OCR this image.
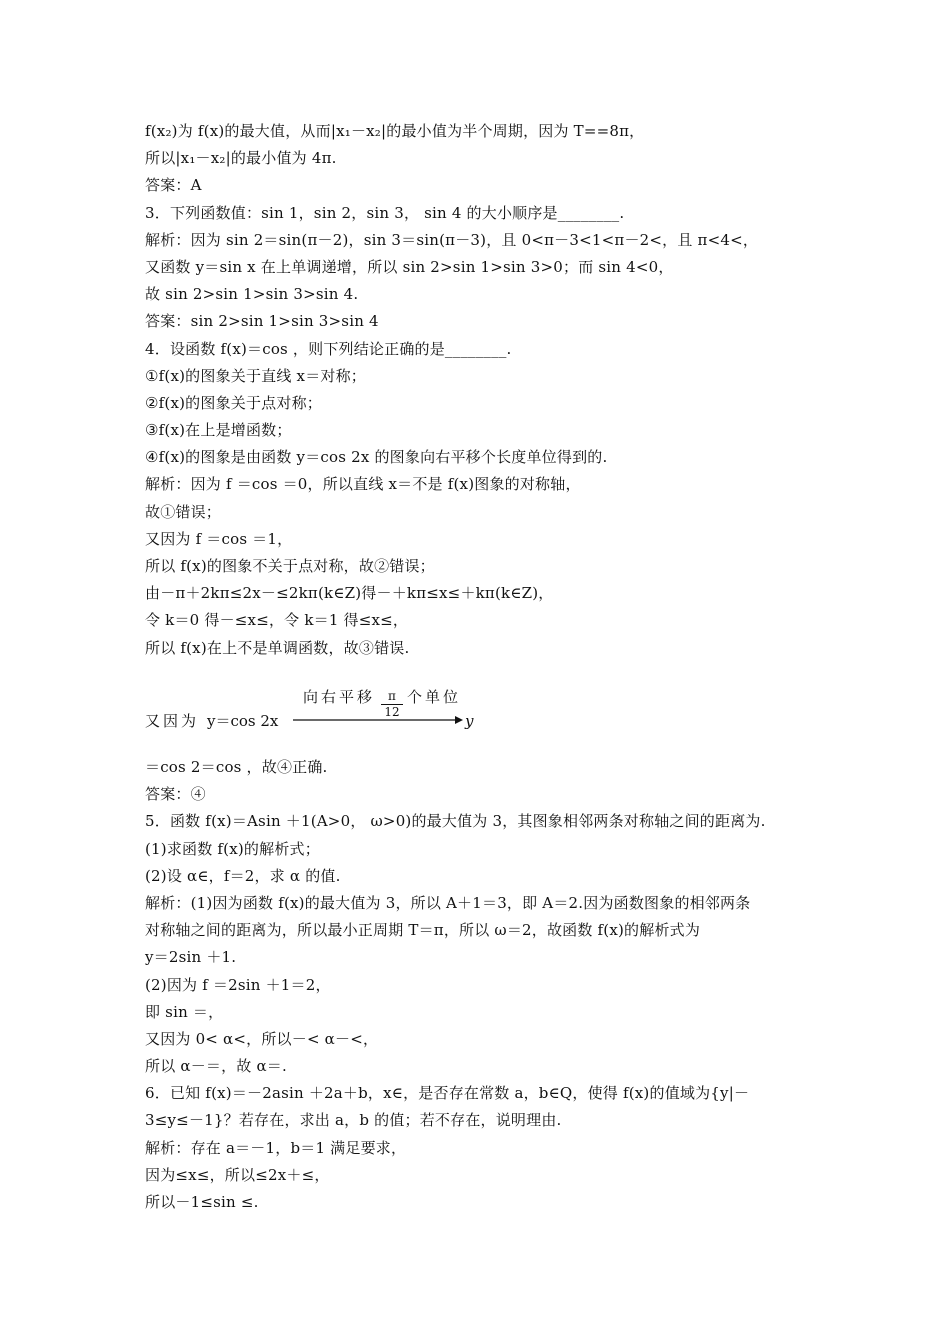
f(x₂)为 f(x)的最大值，从而|x₁－x₂|的最小值为半个周期，因为 T==8π，
所以|x₁－x₂|的最小值为 4π.
答案：A
3．下列函数值：sin 1，sin 2，sin 3， sin 4 的大小顺序是________.
解析：因为 sin 2＝sin(π－2)，sin 3＝sin(π－3)，且 0<π－3<1<π－2<，且 π<4<，
又函数 y＝sin x 在上单调递增，所以 sin 2>sin 1>sin 3>0；而 sin 4<0，
故 sin 2>sin 1>sin 3>sin 4.
答案：sin 2>sin 1>sin 3>sin 4
4．设函数 f(x)＝cos ，则下列结论正确的是________.
①f(x)的图象关于直线 x＝对称；
②f(x)的图象关于点对称；
③f(x)在上是增函数；
④f(x)的图象是由函数 y＝cos 2x 的图象向右平移个长度单位得到的.
解析：因为 f ＝cos ＝0，所以直线 x＝不是 f(x)图象的对称轴，
故①错误；
又因为 f ＝cos ＝1，
所以 f(x)的图象不关于点对称，故②错误；
由－π＋2kπ≤2x－≤2kπ(k∈Z)得－＋kπ≤x≤＋kπ(k∈Z)，
令 k＝0 得－≤x≤，令 k＝1 得≤x≤，
所以 f(x)在上不是单调函数，故③错误.
又因为 y＝cos 2x
向右平移	π
12
个单位
y
＝cos 2＝cos ，故④正确.
答案：④
5．函数 f(x)＝Asin ＋1(A>0， ω>0)的最大值为 3，其图象相邻两条对称轴之间的距离为.
(1)求函数 f(x)的解析式；
(2)设 α∈，f＝2，求 α 的值.
解析：(1)因为函数 f(x)的最大值为 3，所以 A＋1＝3，即 A＝2.因为函数图象的相邻两条
对称轴之间的距离为，所以最小正周期 T＝π，所以 ω＝2，故函数 f(x)的解析式为
y＝2sin ＋1.
(2)因为 f ＝2sin ＋1＝2，
即 sin ＝，
又因为 0< α<，所以－< α－<，
所以 α－＝，故 α＝.
6．已知 f(x)＝－2asin ＋2a＋b，x∈，是否存在常数 a，b∈Q，使得 f(x)的值域为{y|－
3≤y≤－1}？若存在，求出 a，b 的值；若不存在，说明理由.
解析：存在 a＝－1，b＝1 满足要求，
因为≤x≤，所以≤2x＋≤，
所以－1≤sin ≤.
